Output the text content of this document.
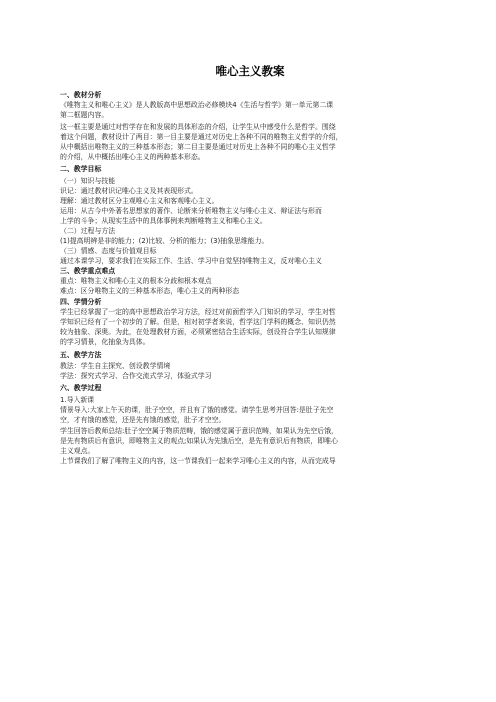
唯心主义教案
一、教材分析
《唯物主义和唯心主义》是人教版高中思想政治必修模块4《生活与哲学》第一单元第二课
第二框题内容。
这一框主要是通过对哲学存在和发展的具体形态的介绍，让学生从中感受什么是哲学。围绕
着这个问题，教材设计了两目：第一目主要是通过对历史上各种不同的唯物主义哲学的介绍，
从中概括出唯物主义的三种基本形态；第二目主要是通过对历史上各种不同的唯心主义哲学
的介绍，从中概括出唯心主义的两种基本形态。
二、教学目标
（一）知识与技能
识记：通过教材识记唯心主义及其表现形式。
理解：通过教材区分主观唯心主义和客观唯心主义。
运用：从古今中外著名思想家的著作、论断来分析唯物主义与唯心主义、辩证法与形而
上学的斗争；从现实生活中的具体事例来判断唯物主义和唯心主义。
（二）过程与方法
(1)提高明辨是非的能力；(2)比较、分析的能力；(3)抽象思维能力。
（三）情感、态度与价值观目标
通过本课学习，要求我们在实际工作、生活、学习中自觉坚持唯物主义，反对唯心主义
三、教学重点难点
重点：唯物主义和唯心主义的根本分歧和根本观点
难点：区分唯物主义的三种基本形态，唯心主义的两种形态
四、学情分析
学生已经掌握了一定的高中思想政治学习方法，经过对前面哲学入门知识的学习，学生对哲
学知识已经有了一个初步的了解。但是，相对初学者来说，哲学这门学科的概念、知识仍然
较为抽象、深奥。为此，在处理教材方面，必须紧密结合生活实际，创设符合学生认知规律
的学习情景，化抽象为具体。
五、教学方法
教法：学生自主探究、创设教学情境
学法：探究式学习、合作交流式学习，体验式学习
六、教学过程
1.导入新课
情景导入:大家上午天的课，肚子空空，并且有了饿的感觉。请学生思考并回答:是肚子先空
空，才有饿的感觉，还是先有饿的感觉，肚子才空空。
学生回答后教师总结:肚子空空属于物质范畴，饿的感觉属于意识范畴，如果认为先空后饿，
是先有物质后有意识，即唯物主义的观点;如果认为先饿后空，是先有意识后有物质，即唯心
主义观点。
上节课我们了解了唯物主义的内容，这一节课我们一起来学习唯心主义的内容，从而完成导
